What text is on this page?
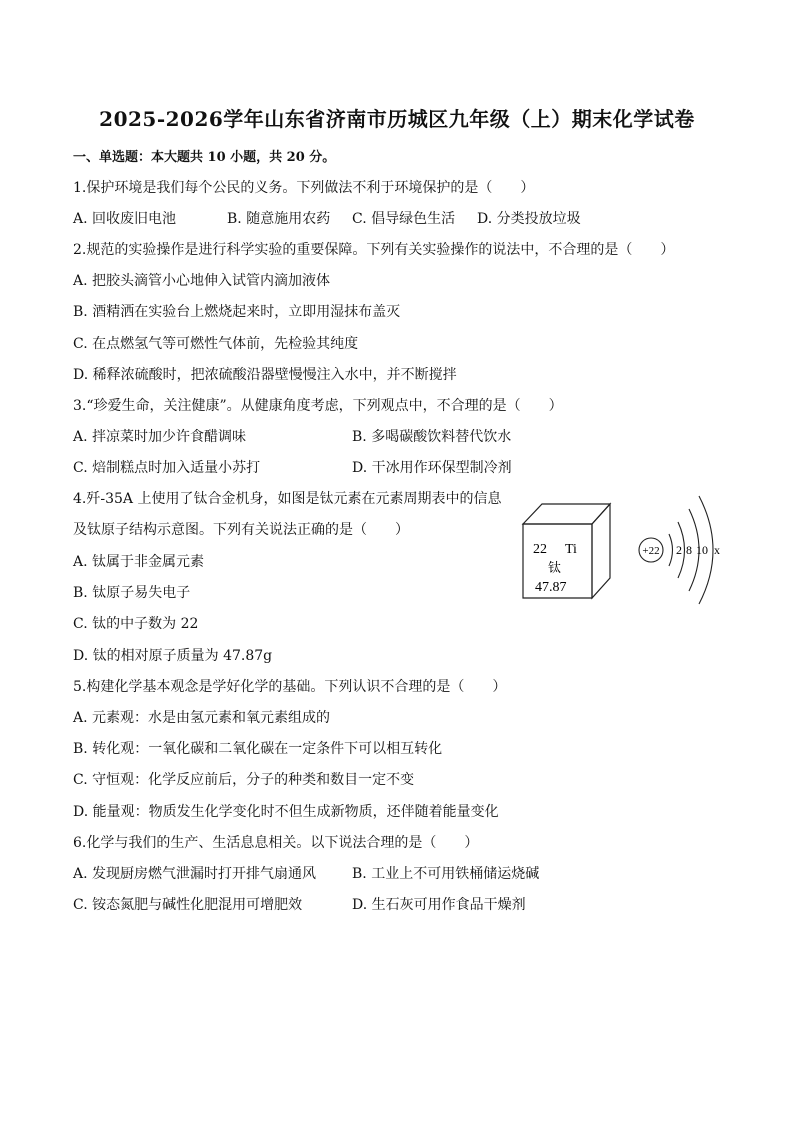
2025-2026学年山东省济南市历城区九年级（上）期末化学试卷
一、单选题：本大题共 10 小题，共 20 分。
1.保护环境是我们每个公民的义务。下列做法不利于环境保护的是（　　）
A. 回收废旧电池	B. 随意施用农药 C. 倡导绿色生活 D. 分类投放垃圾
2.规范的实验操作是进行科学实验的重要保障。下列有关实验操作的说法中，不合理的是（　　）
A. 把胶头滴管小心地伸入试管内滴加液体
B. 酒精洒在实验台上燃烧起来时，立即用湿抹布盖灭
C. 在点燃氢气等可燃性气体前，先检验其纯度
D. 稀释浓硫酸时，把浓硫酸沿器壁慢慢注入水中，并不断搅拌
3.“珍爱生命，关注健康”。从健康角度考虑，下列观点中，不合理的是（　　）
A. 拌凉菜时加少许食醋调味	B. 多喝碳酸饮料替代饮水
C. 焙制糕点时加入适量小苏打	D. 干冰用作环保型制冷剂
4.歼-35A 上使用了钛合金机身，如图是钛元素在元素周期表中的信息
及钛原子结构示意图。下列有关说法正确的是（　　）
A. 钛属于非金属元素
B. 钛原子易失电子
C. 钛的中子数为 22
D. 钛的相对原子质量为 47.87g
22 Ti
钛
47.87
+22 2 8 10 x
5.构建化学基本观念是学好化学的基础。下列认识不合理的是（　　）
A. 元素观：水是由氢元素和氧元素组成的
B. 转化观：一氧化碳和二氧化碳在一定条件下可以相互转化
C. 守恒观：化学反应前后，分子的种类和数目一定不变
D. 能量观：物质发生化学变化时不但生成新物质，还伴随着能量变化
6.化学与我们的生产、生活息息相关。以下说法合理的是（　　）
A. 发现厨房燃气泄漏时打开排气扇通风	B. 工业上不可用铁桶储运烧碱
C. 铵态氮肥与碱性化肥混用可增肥效	D. 生石灰可用作食品干燥剂
